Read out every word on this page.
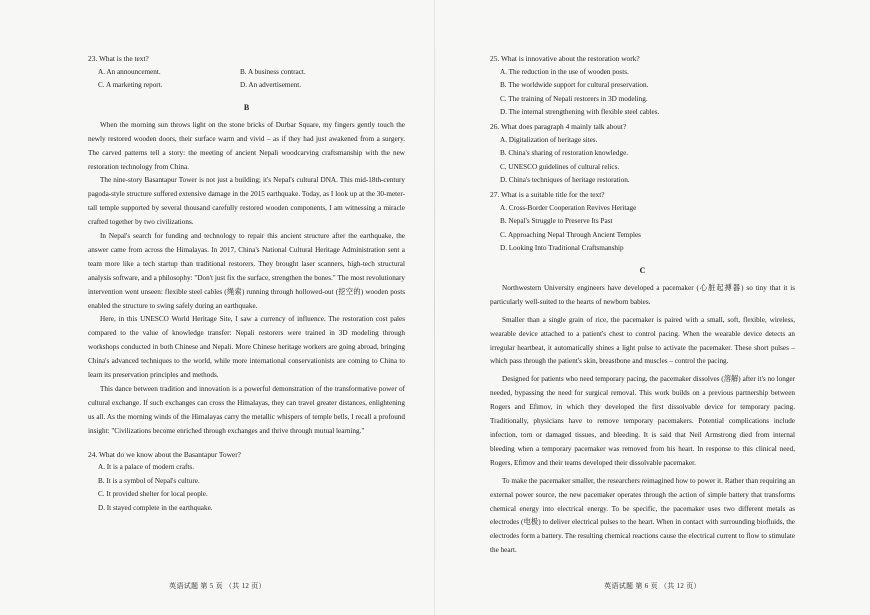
23. What is the text?

A. An announcement.	B. A business contract.
C. A marketing report.	D. An advertisement.
B

When the morning sun throws light on the stone bricks of Durbar Square, my fingers gently touch the newly restored wooden doors, their surface warm and vivid – as if they had just awakened from a surgery. The carved patterns tell a story: the meeting of ancient Nepali woodcarving craftsmanship with the new restoration technology from China.

The nine-story Basantapur Tower is not just a building; it's Nepal's cultural DNA. This mid-18th-century pagoda-style structure suffered extensive damage in the 2015 earthquake. Today, as I look up at the 30-meter-tall temple supported by several thousand carefully restored wooden components, I am witnessing a miracle crafted together by two civilizations.

In Nepal's search for funding and technology to repair this ancient structure after the earthquake, the answer came from across the Himalayas. In 2017, China's National Cultural Heritage Administration sent a team more like a tech startup than traditional restorers. They brought laser scanners, high-tech structural analysis software, and a philosophy: "Don't just fix the surface, strengthen the bones." The most revolutionary intervention went unseen: flexible steel cables (绳索) running through hollowed-out (挖空的) wooden posts enabled the structure to swing safely during an earthquake.

Here, in this UNESCO World Heritage Site, I saw a currency of influence. The restoration cost pales compared to the value of knowledge transfer: Nepali restorers were trained in 3D modeling through workshops conducted in both Chinese and Nepali. More Chinese heritage workers are going abroad, bringing China's advanced techniques to the world, while more international conservationists are coming to China to learn its preservation principles and methods.

This dance between tradition and innovation is a powerful demonstration of the transformative power of cultural exchange. If such exchanges can cross the Himalayas, they can travel greater distances, enlightening us all. As the morning winds of the Himalayas carry the metallic whispers of temple bells, I recall a profound insight: "Civilizations become enriched through exchanges and thrive through mutual learning."

24. What do we know about the Basantapur Tower?

A. It is a palace of modern crafts.

B. It is a symbol of Nepal's culture.

C. It provided shelter for local people.

D. It stayed complete in the earthquake.

英语试题 第 5 页 （共 12 页）

25. What is innovative about the restoration work?

A. The reduction in the use of wooden posts.

B. The worldwide support for cultural preservation.

C. The training of Nepali restorers in 3D modeling.

D. The internal strengthening with flexible steel cables.

26. What does paragraph 4 mainly talk about?

A. Digitalization of heritage sites.

B. China's sharing of restoration knowledge.

C. UNESCO guidelines of cultural relics.

D. China's techniques of heritage restoration.

27. What is a suitable title for the text?

A. Cross-Border Cooperation Revives Heritage

B. Nepal's Struggle to Preserve Its Past

C. Approaching Nepal Through Ancient Temples

D. Looking Into Traditional Craftsmanship

C

Northwestern University engineers have developed a pacemaker (心脏起搏器) so tiny that it is particularly well-suited to the hearts of newborn babies.

Smaller than a single grain of rice, the pacemaker is paired with a small, soft, flexible, wireless, wearable device attached to a patient's chest to control pacing. When the wearable device detects an irregular heartbeat, it automatically shines a light pulse to activate the pacemaker. These short pulses – which pass through the patient's skin, breastbone and muscles – control the pacing.

Designed for patients who need temporary pacing, the pacemaker dissolves (溶解) after it's no longer needed, bypassing the need for surgical removal. This work builds on a previous partnership between Rogers and Efimov, in which they developed the first dissolvable device for temporary pacing. Traditionally, physicians have to remove temporary pacemakers. Potential complications include infection, torn or damaged tissues, and bleeding. It is said that Neil Armstrong died from internal bleeding when a temporary pacemaker was removed from his heart. In response to this clinical need, Rogers, Efimov and their teams developed their dissolvable pacemaker.

To make the pacemaker smaller, the researchers reimagined how to power it. Rather than requiring an external power source, the new pacemaker operates through the action of simple battery that transforms chemical energy into electrical energy. To be specific, the pacemaker uses two different metals as electrodes (电极) to deliver electrical pulses to the heart. When in contact with surrounding biofluids, the electrodes form a battery. The resulting chemical reactions cause the electrical current to flow to stimulate the heart.

英语试题 第 6 页 （共 12 页）
